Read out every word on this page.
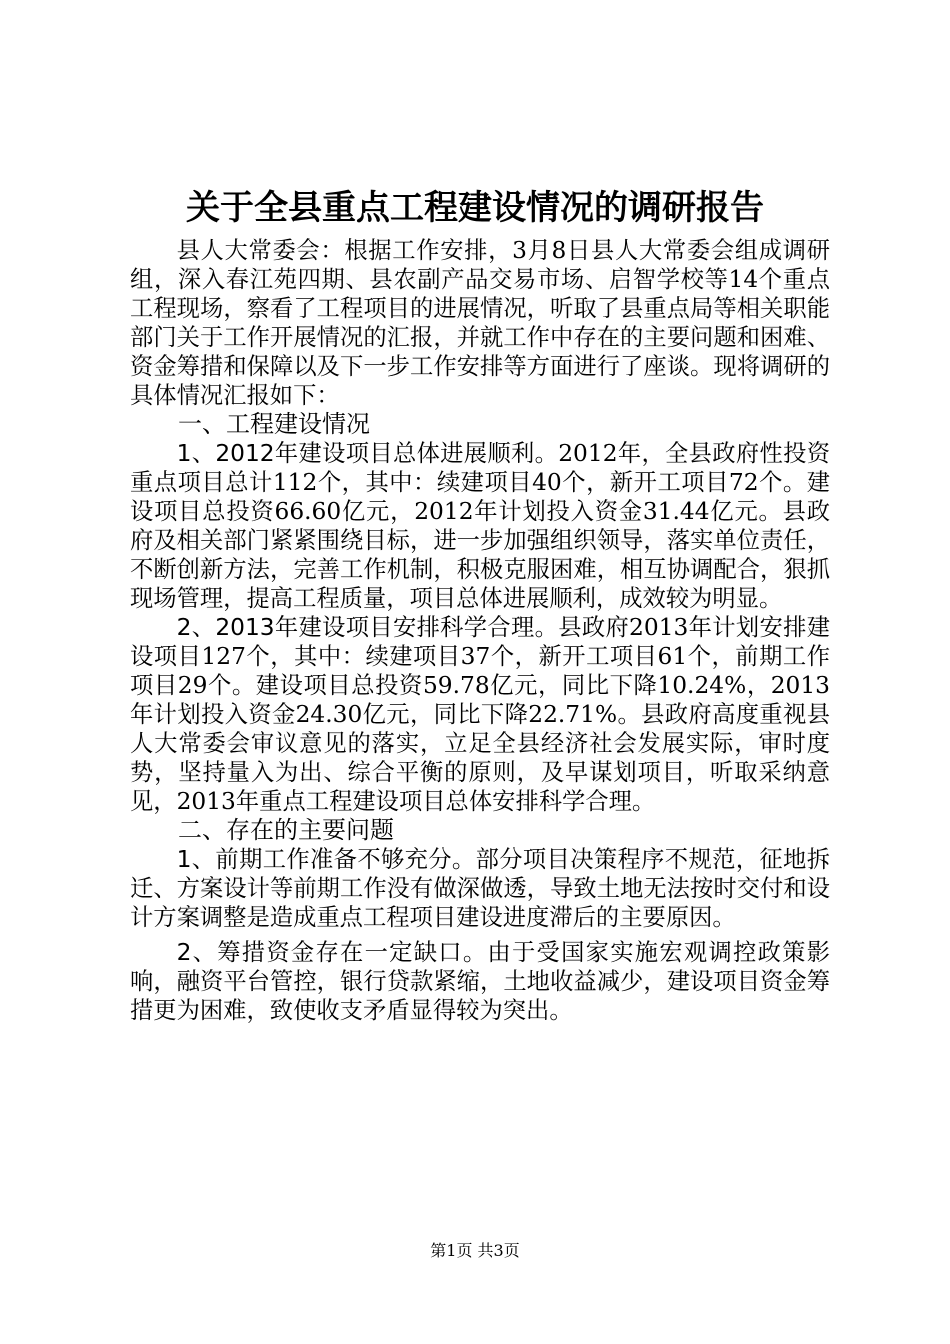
关于全县重点工程建设情况的调研报告

县人大常委会：根据工作安排，3月8日县人大常委会组成调研组，深入春江苑四期、县农副产品交易市场、启智学校等14个重点工程现场，察看了工程项目的进展情况，听取了县重点局等相关职能部门关于工作开展情况的汇报，并就工作中存在的主要问题和困难、资金筹措和保障以及下一步工作安排等方面进行了座谈。现将调研的具体情况汇报如下：

一、工程建设情况

1、2012年建设项目总体进展顺利。2012年，全县政府性投资重点项目总计112个，其中：续建项目40个，新开工项目72个。建设项目总投资66.60亿元，2012年计划投入资金31.44亿元。县政府及相关部门紧紧围绕目标，进一步加强组织领导，落实单位责任，不断创新方法，完善工作机制，积极克服困难，相互协调配合，狠抓现场管理，提高工程质量，项目总体进展顺利，成效较为明显。

2、2013年建设项目安排科学合理。县政府2013年计划安排建设项目127个，其中：续建项目37个，新开工项目61个，前期工作项目29个。建设项目总投资59.78亿元，同比下降10.24%，2013年计划投入资金24.30亿元，同比下降22.71%。县政府高度重视县人大常委会审议意见的落实，立足全县经济社会发展实际，审时度势，坚持量入为出、综合平衡的原则，及早谋划项目，听取采纳意见，2013年重点工程建设项目总体安排科学合理。

二、存在的主要问题

1、前期工作准备不够充分。部分项目决策程序不规范，征地拆迁、方案设计等前期工作没有做深做透，导致土地无法按时交付和设计方案调整是造成重点工程项目建设进度滞后的主要原因。

2、筹措资金存在一定缺口。由于受国家实施宏观调控政策影响，融资平台管控，银行贷款紧缩，土地收益减少，建设项目资金筹措更为困难，致使收支矛盾显得较为突出。

第1页 共3页
